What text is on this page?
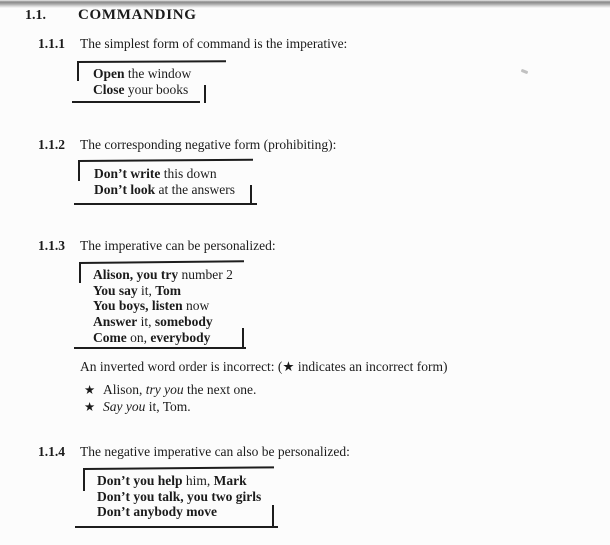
1.1. COMMANDING
1.1.1 The simplest form of command is the imperative:
Open the window
Close your books
1.1.2 The corresponding negative form (prohibiting):
Don’t write this down
Don’t look at the answers
1.1.3 The imperative can be personalized:
Alison, you try number 2
You say it, Tom
You boys, listen now
Answer it, somebody
Come on, everybody
An inverted word order is incorrect: (★ indicates an incorrect form)
★ Alison, try you the next one.
★ Say you it, Tom.
1.1.4 The negative imperative can also be personalized:
Don’t you help him, Mark
Don’t you talk, you two girls
Don’t anybody move
